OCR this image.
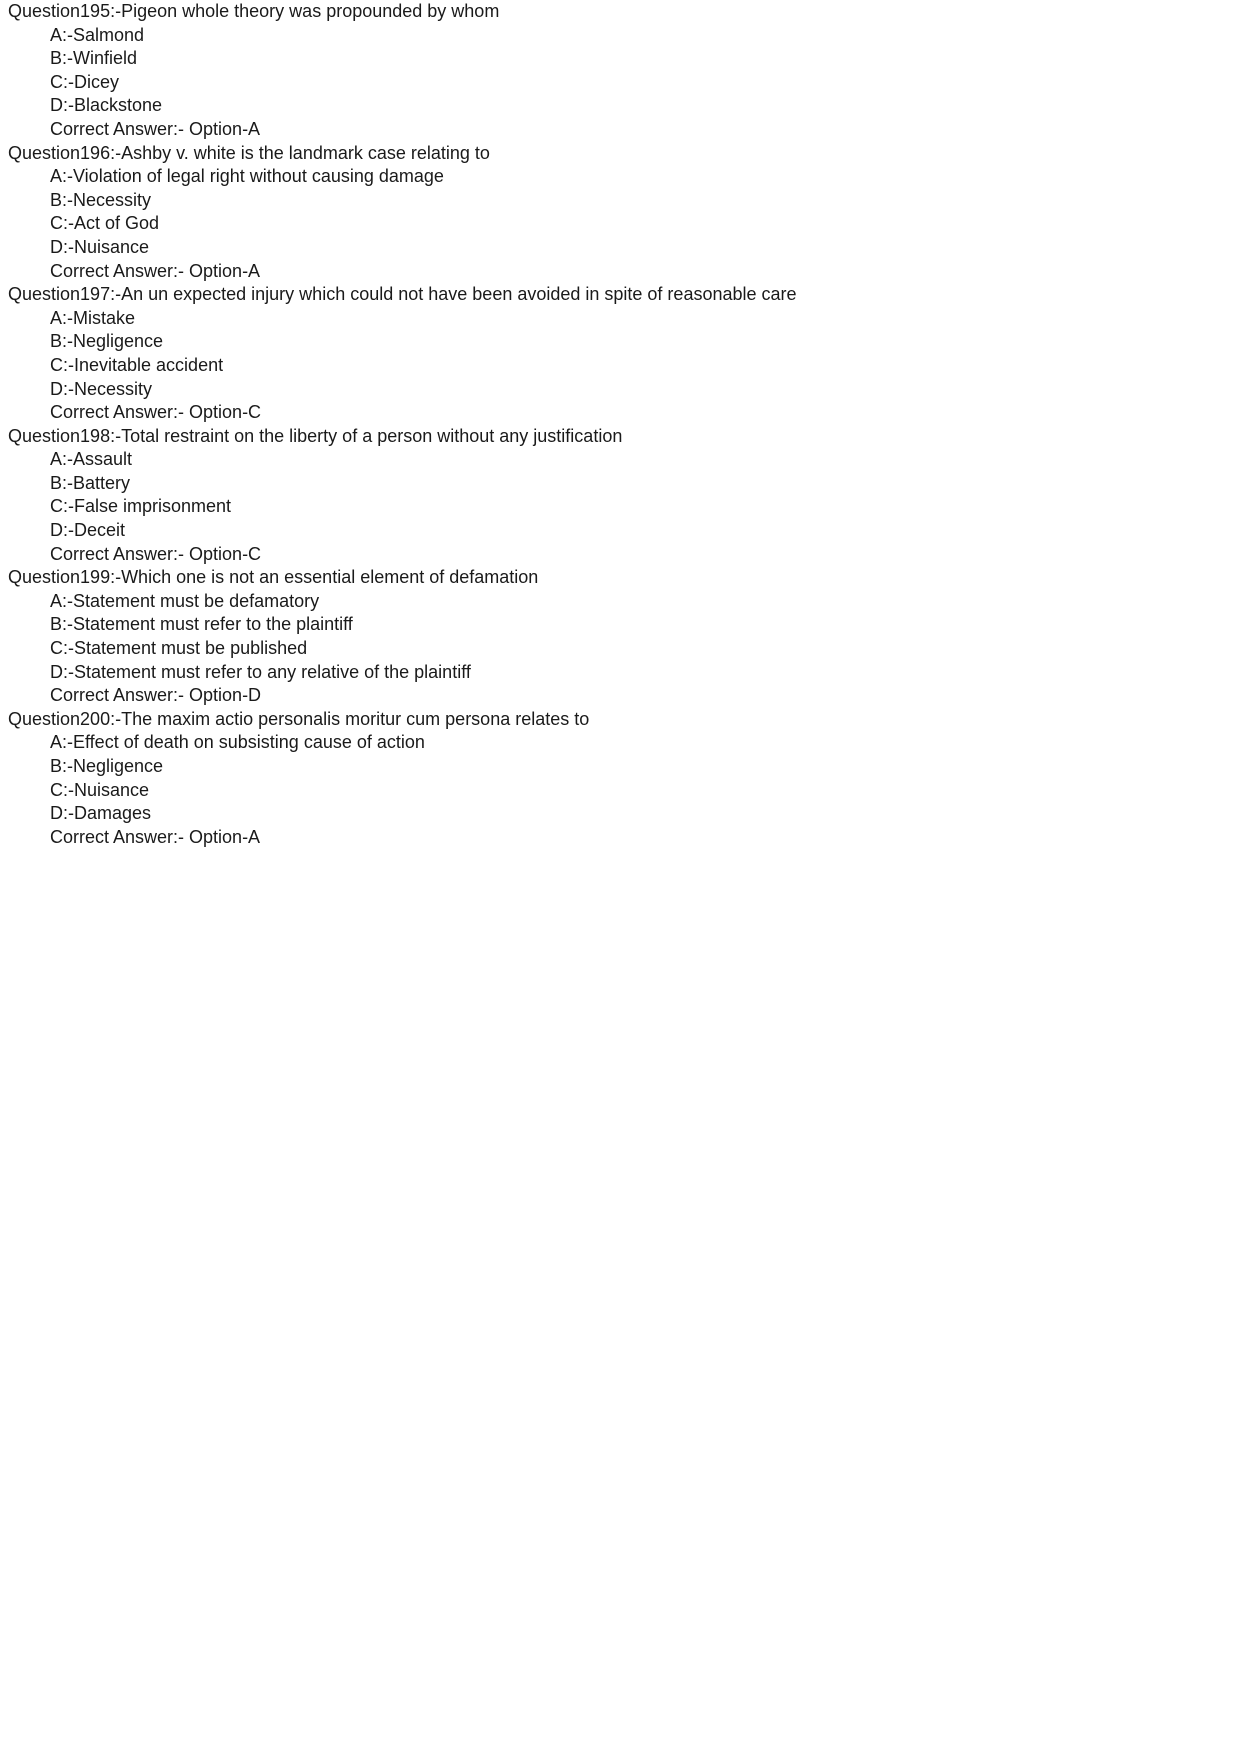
Question195:-Pigeon whole theory was propounded by whom
A:-Salmond
B:-Winfield
C:-Dicey
D:-Blackstone
Correct Answer:- Option-A
Question196:-Ashby v. white is the landmark case relating to
A:-Violation of legal right without causing damage
B:-Necessity
C:-Act of God
D:-Nuisance
Correct Answer:- Option-A
Question197:-An un expected injury which could not have been avoided in spite of reasonable care
A:-Mistake
B:-Negligence
C:-Inevitable accident
D:-Necessity
Correct Answer:- Option-C
Question198:-Total restraint on the liberty of a person without any justification
A:-Assault
B:-Battery
C:-False imprisonment
D:-Deceit
Correct Answer:- Option-C
Question199:-Which one is not an essential element of defamation
A:-Statement must be defamatory
B:-Statement must refer to the plaintiff
C:-Statement must be published
D:-Statement must refer to any relative of the plaintiff
Correct Answer:- Option-D
Question200:-The maxim actio personalis moritur cum persona relates to
A:-Effect of death on subsisting cause of action
B:-Negligence
C:-Nuisance
D:-Damages
Correct Answer:- Option-A
